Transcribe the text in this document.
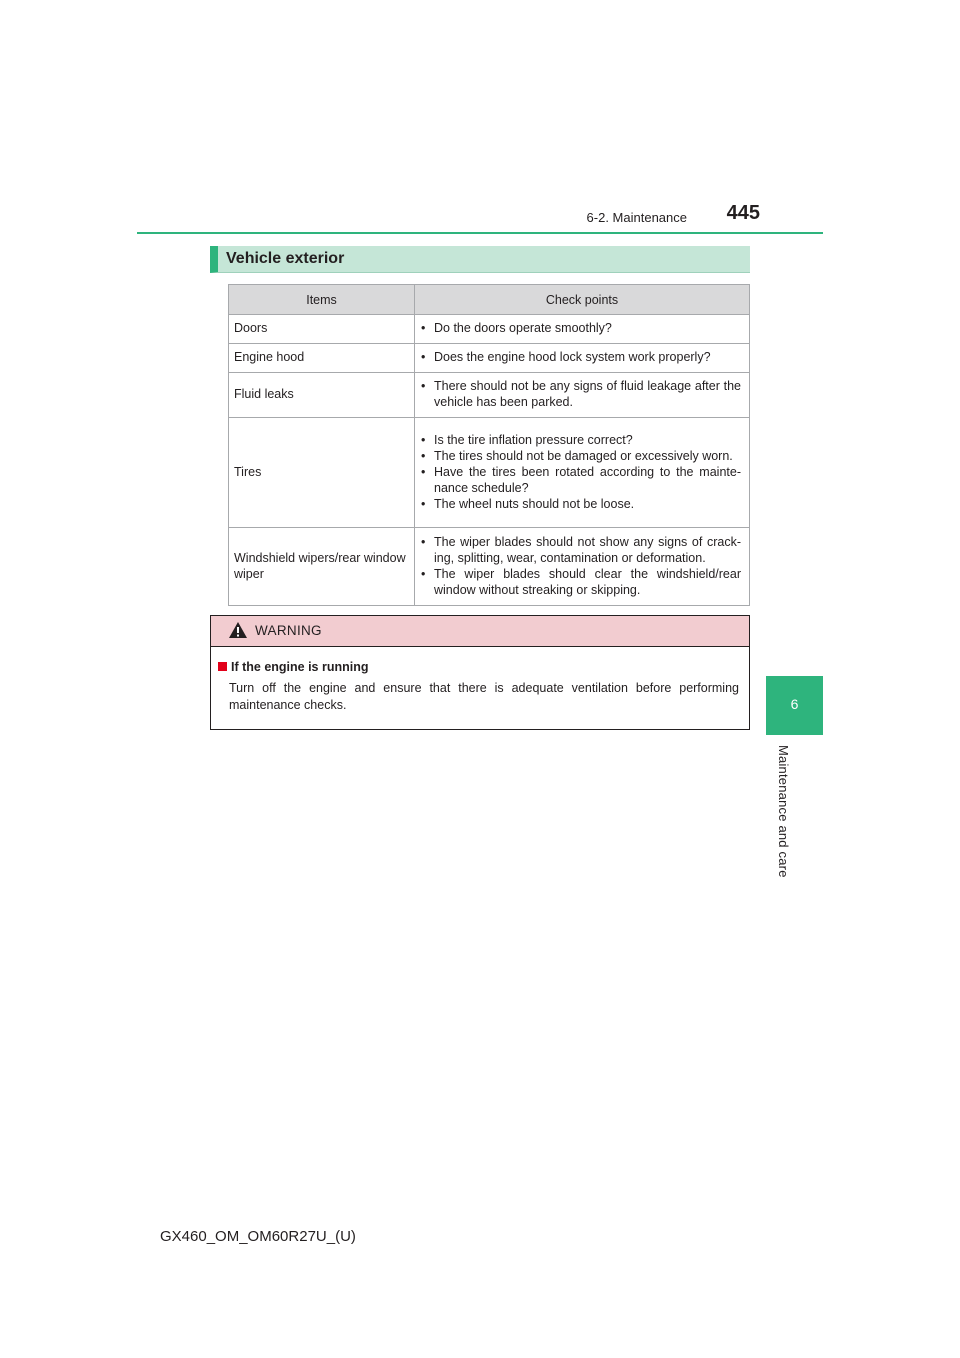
6-2. Maintenance	445
6
Maintenance and care
Vehicle exterior
Items	Check points
Doors	• Do the doors operate smoothly?

Engine hood	• Does the engine hood lock system work properly?

Fluid leaks	• There should not be any signs of fluid leakage after the vehicle has been parked.

Tires	• Is the tire inflation pressure correct?
• The tires should not be damaged or excessively worn.
• Have the tires been rotated according to the mainte- nance schedule?
• The wheel nuts should not be loose.

Windshield wipers/rear window wiper	• The wiper blades should not show any signs of crack- ing, splitting, wear, contamination or deformation.
• The wiper blades should clear the windshield/rear window without streaking or skipping.
WARNING
If the engine is running
Turn off the engine and ensure that there is adequate ventilation before performing maintenance checks.
GX460_OM_OM60R27U_(U)
